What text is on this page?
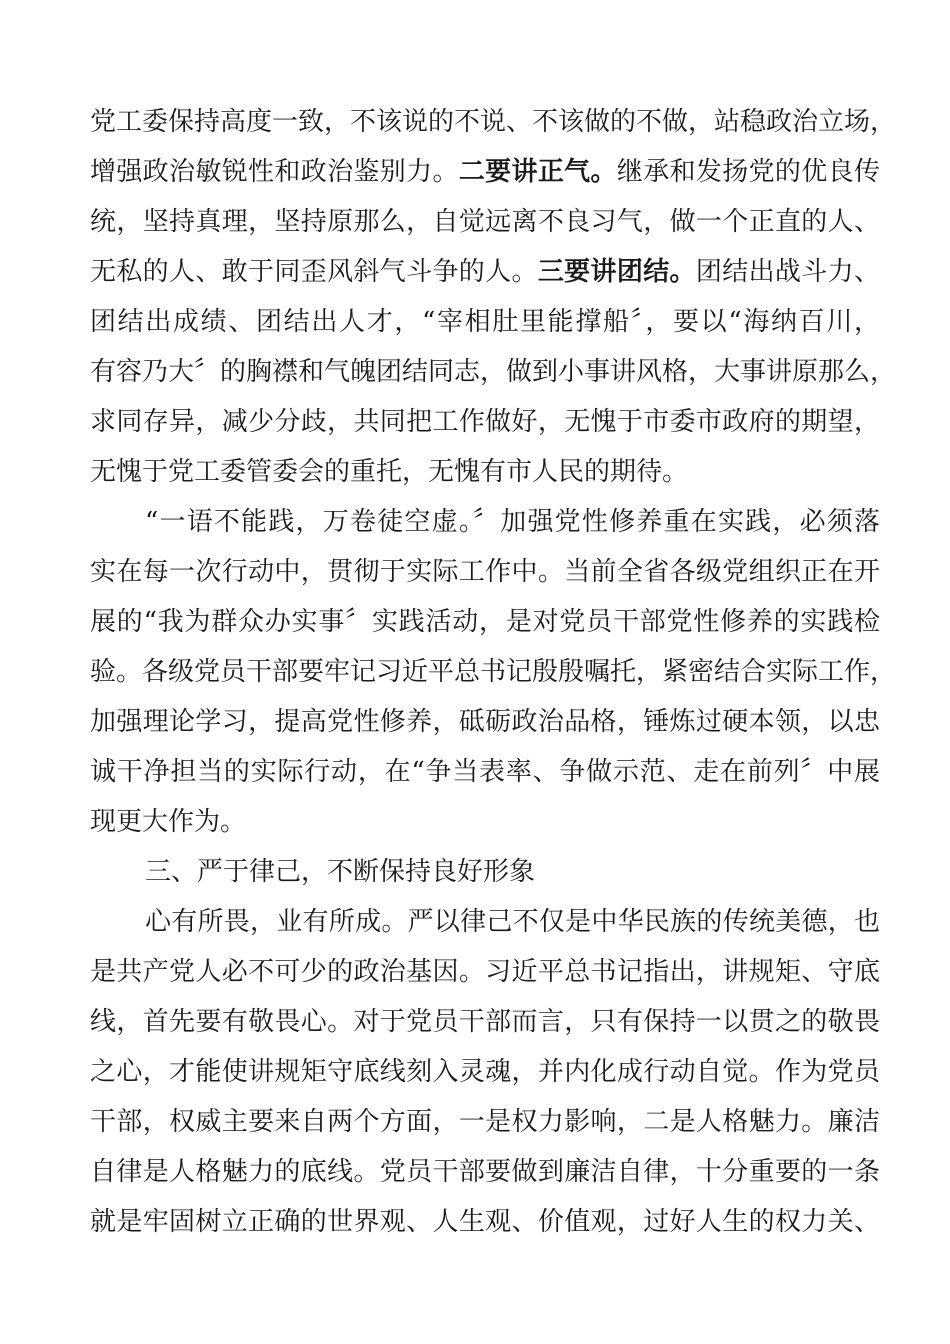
党工委保持高度一致，不该说的不说、不该做的不做，站稳政治立场，
增强政治敏锐性和政治鉴别力。二要讲正气。继承和发扬党的优良传
统，坚持真理，坚持原那么，自觉远离不良习气，做一个正直的人、
无私的人、敢于同歪风斜气斗争的人。三要讲团结。团结出战斗力、
团结出成绩、团结出人才，“宰相肚里能撑船〞，要以“海纳百川，
有容乃大〞的胸襟和气魄团结同志，做到小事讲风格，大事讲原那么，
求同存异，减少分歧，共同把工作做好，无愧于市委市政府的期望，
无愧于党工委管委会的重托，无愧有市人民的期待。
“一语不能践，万卷徒空虚。〞加强党性修养重在实践，必须落
实在每一次行动中，贯彻于实际工作中。当前全省各级党组织正在开
展的“我为群众办实事〞实践活动，是对党员干部党性修养的实践检
验。各级党员干部要牢记习近平总书记殷殷嘱托，紧密结合实际工作，
加强理论学习，提高党性修养，砥砺政治品格，锤炼过硬本领，以忠
诚干净担当的实际行动，在“争当表率、争做示范、走在前列〞中展
现更大作为。
三、严于律己，不断保持良好形象
心有所畏，业有所成。严以律己不仅是中华民族的传统美德，也
是共产党人必不可少的政治基因。习近平总书记指出，讲规矩、守底
线，首先要有敬畏心。对于党员干部而言，只有保持一以贯之的敬畏
之心，才能使讲规矩守底线刻入灵魂，并内化成行动自觉。作为党员
干部，权威主要来自两个方面，一是权力影响，二是人格魅力。廉洁
自律是人格魅力的底线。党员干部要做到廉洁自律，十分重要的一条
就是牢固树立正确的世界观、人生观、价值观，过好人生的权力关、
